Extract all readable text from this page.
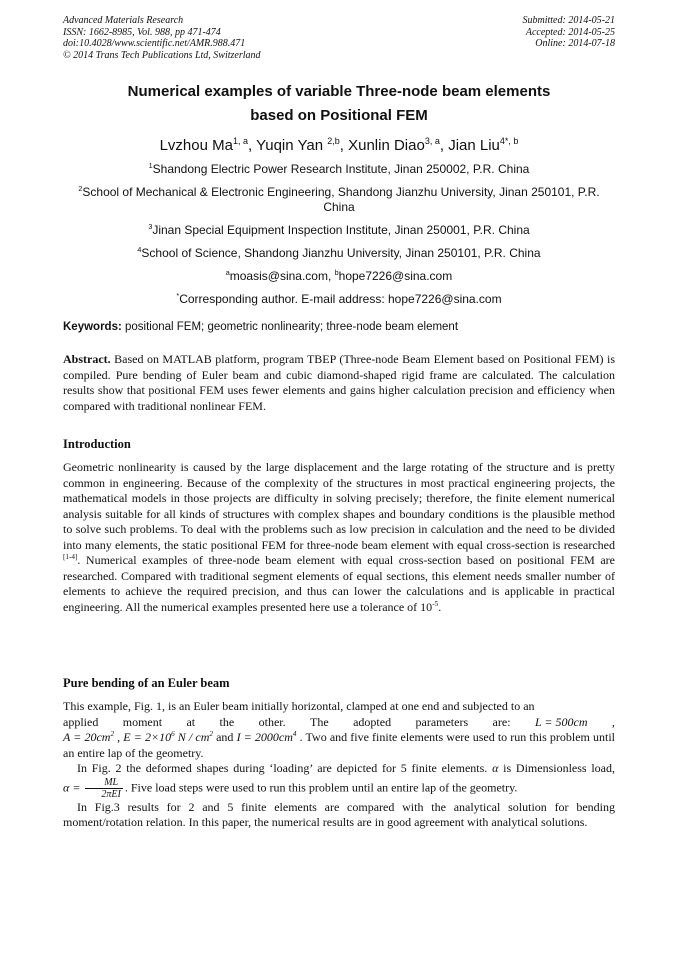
Advanced Materials Research
ISSN: 1662-8985, Vol. 988, pp 471-474
doi:10.4028/www.scientific.net/AMR.988.471
© 2014 Trans Tech Publications Ltd, Switzerland
Submitted: 2014-05-21
Accepted: 2014-05-25
Online: 2014-07-18
Numerical examples of variable Three-node beam elements
based on Positional FEM
Lvzhou Ma$^{1, a}$, Yuqin Yan $^{2,b}$, Xunlin Diao$^{3, a}$, Jian Liu$^{4*, b}$
$^1$Shandong Electric Power Research Institute, Jinan 250002, P.R. China
$^2$School of Mechanical & Electronic Engineering, Shandong Jianzhu University, Jinan 250101, P.R. China
$^3$Jinan Special Equipment Inspection Institute, Jinan 250001, P.R. China
$^4$School of Science, Shandong Jianzhu University, Jinan 250101, P.R. China
$^a$moasis@sina.com, $^b$hope7226@sina.com
*Corresponding author. E-mail address: hope7226@sina.com
Keywords: positional FEM; geometric nonlinearity; three-node beam element

Abstract. Based on MATLAB platform, program TBEP (Three-node Beam Element based on Positional FEM) is compiled. Pure bending of Euler beam and cubic diamond-shaped rigid frame are calculated. The calculation results show that positional FEM uses fewer elements and gains higher calculation precision and efficiency when compared with traditional nonlinear FEM.

Introduction

Geometric nonlinearity is caused by the large displacement and the large rotating of the structure and is pretty common in engineering. Because of the complexity of the structures in most practical engineering projects, the mathematical models in those projects are difficulty in solving precisely; therefore, the finite element numerical analysis suitable for all kinds of structures with complex shapes and boundary conditions is the plausible method to solve such problems. To deal with the problems such as low precision in calculation and the need to be divided into many elements, the static positional FEM for three-node beam element with equal cross-section is researched [1-4]. Numerical examples of three-node beam element with equal cross-section based on positional FEM are researched. Compared with traditional segment elements of equal sections, this element needs smaller number of elements to achieve the required precision, and thus can lower the calculations and is applicable in practical engineering. All the numerical examples presented here use a tolerance of $10^{-5}$.

Pure bending of an Euler beam

This example, Fig. 1, is an Euler beam initially horizontal, clamped at one end and subjected to an
applied moment at the other. The adopted parameters are: L = 500cm ,
$A = 20cm^2$ , $E = 2\times 10^6$ N / $cm^2$ and $I = 2000cm^4$ . Two and five finite elements were used to run this problem until an entire lap of the geometry.

In Fig. 2 the deformed shapes during ‘loading’ are depicted for 5 finite elements. α is Dimensionless load, $\alpha = \frac{ML}{\text{2πEI}}$ . Five load steps were used to run this problem until an entire lap of the geometry.

In Fig.3 results for 2 and 5 finite elements are compared with the analytical solution for bending moment/rotation relation. In this paper, the numerical results are in good agreement with analytical solutions.
